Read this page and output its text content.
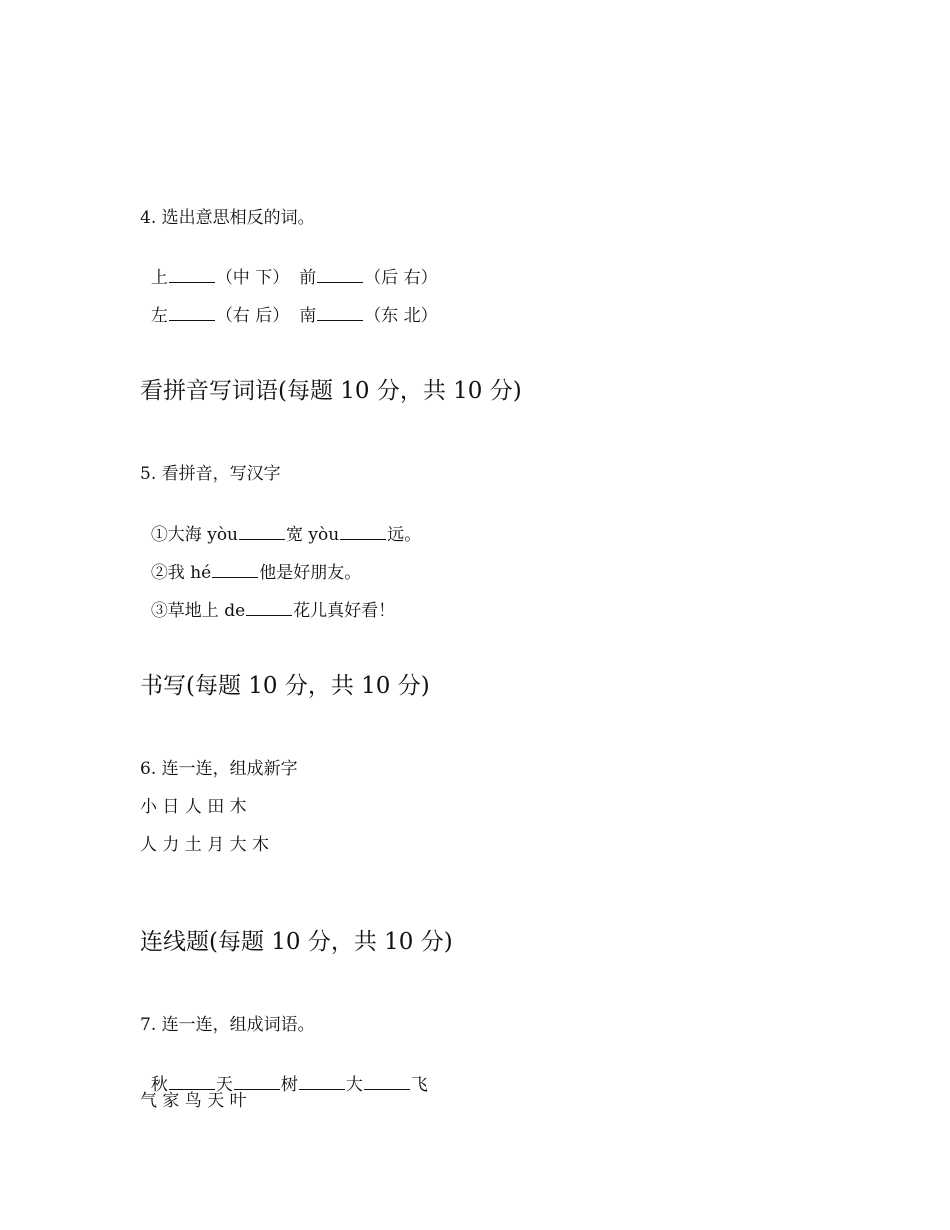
4. 选出意思相反的词。

上	（中 下） 前	（后 右）

左	（右 后） 南	（东 北）

看拼音写词语(每题 10 分，共 10 分)
5. 看拼音，写汉字

①大海 yòu	宽 yòu	远。

②我 hé	他是好朋友。

③草地上 de	花儿真好看！

书写(每题 10 分，共 10 分)
6. 连一连，组成新字
小 日 人 田 木
人 力 土 月 大 木
连线题(每题 10 分，共 10 分)
7. 连一连，组成词语。

秋	天	树	大	飞

气 家 鸟 天 叶
